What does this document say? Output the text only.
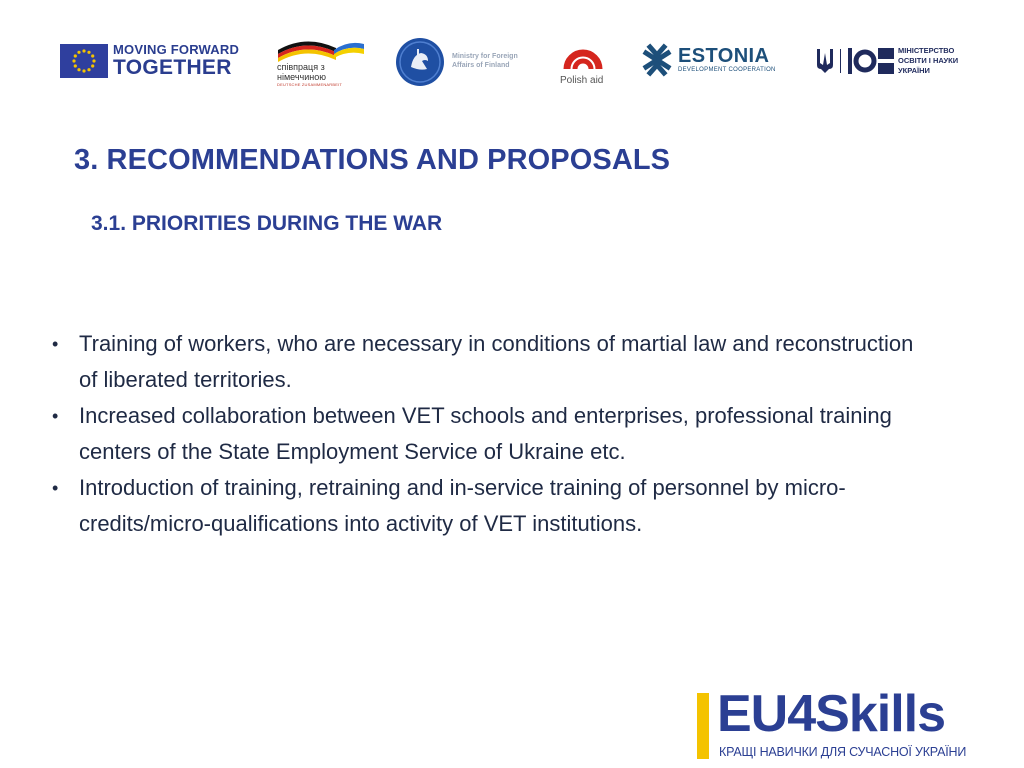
MOVING FORWARD
TOGETHER	співпраця з
німеччиною
DEUTSCHE ZUSAMMENARBEIT
Ministry for Foreign
Affairs of Finland
Polish aid
ESTONIA
DEVELOPMENT COOPERATION
МІНІСТЕРСТВО
ОСВІТИ І НАУКИ
УКРАЇНИ
3. RECOMMENDATIONS AND PROPOSALS
3.1. PRIORITIES DURING THE WAR
• Training of workers, who are necessary in conditions of martial law and reconstruction of liberated territories.
• Increased collaboration between VET schools and enterprises, professional training centers of the State Employment Service of Ukraine etc.
• Introduction of training, retraining and in-service training of personnel by micro-credits/micro-qualifications into activity of VET institutions.
EU4Skills
КРАЩІ НАВИЧКИ ДЛЯ СУЧАСНОЇ УКРАЇНИ
